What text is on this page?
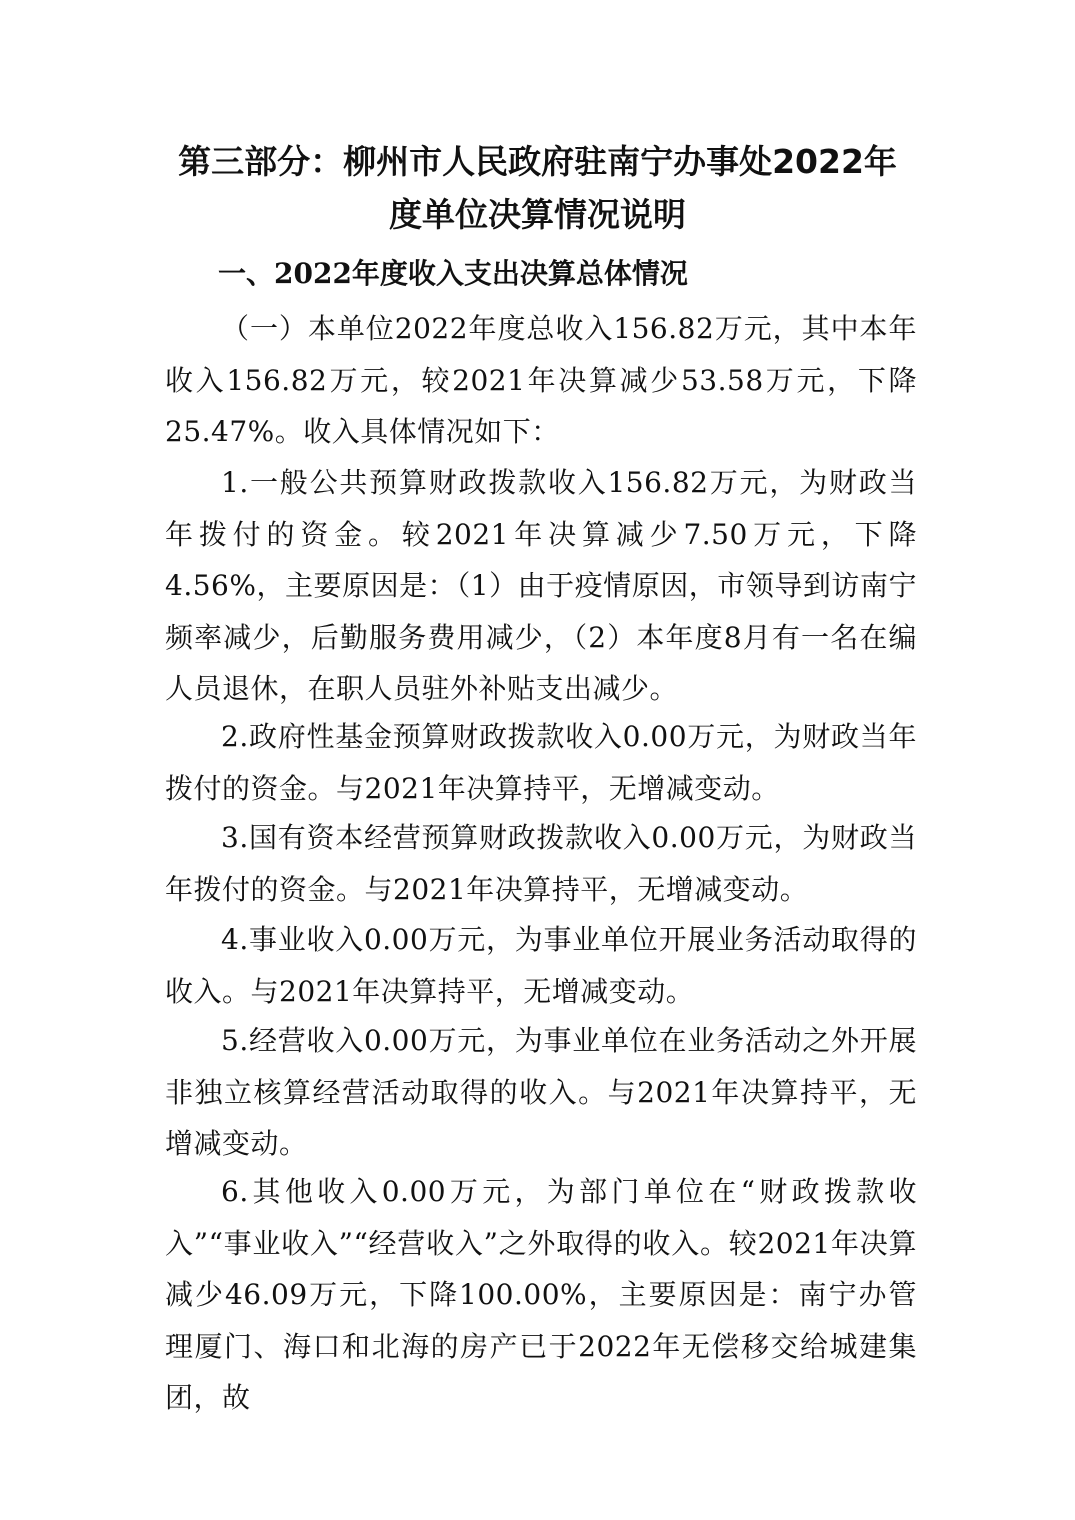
第三部分：柳州市人民政府驻南宁办事处2022年
度单位决算情况说明
一、2022年度收入支出决算总体情况

（一）本单位2022年度总收入156.82万元，其中本年收入156.82万元，较2021年决算减少53.58万元，下降25.47%。收入具体情况如下：

1.一般公共预算财政拨款收入156.82万元，为财政当年拨付的资金。较2021年决算减少7.50万元，下降4.56%，主要原因是：（1）由于疫情原因，市领导到访南宁频率减少，后勤服务费用减少，（2）本年度8月有一名在编人员退休，在职人员驻外补贴支出减少。

2.政府性基金预算财政拨款收入0.00万元，为财政当年拨付的资金。与2021年决算持平，无增减变动。

3.国有资本经营预算财政拨款收入0.00万元，为财政当年拨付的资金。与2021年决算持平，无增减变动。

4.事业收入0.00万元，为事业单位开展业务活动取得的收入。与2021年决算持平，无增减变动。

5.经营收入0.00万元，为事业单位在业务活动之外开展非独立核算经营活动取得的收入。与2021年决算持平，无增减变动。

6.其他收入0.00万元，为部门单位在“财政拨款收入”“事业收入”“经营收入”之外取得的收入。较2021年决算减少46.09万元，下降100.00%，主要原因是：南宁办管理厦门、海口和北海的房产已于2022年无偿移交给城建集团，故
